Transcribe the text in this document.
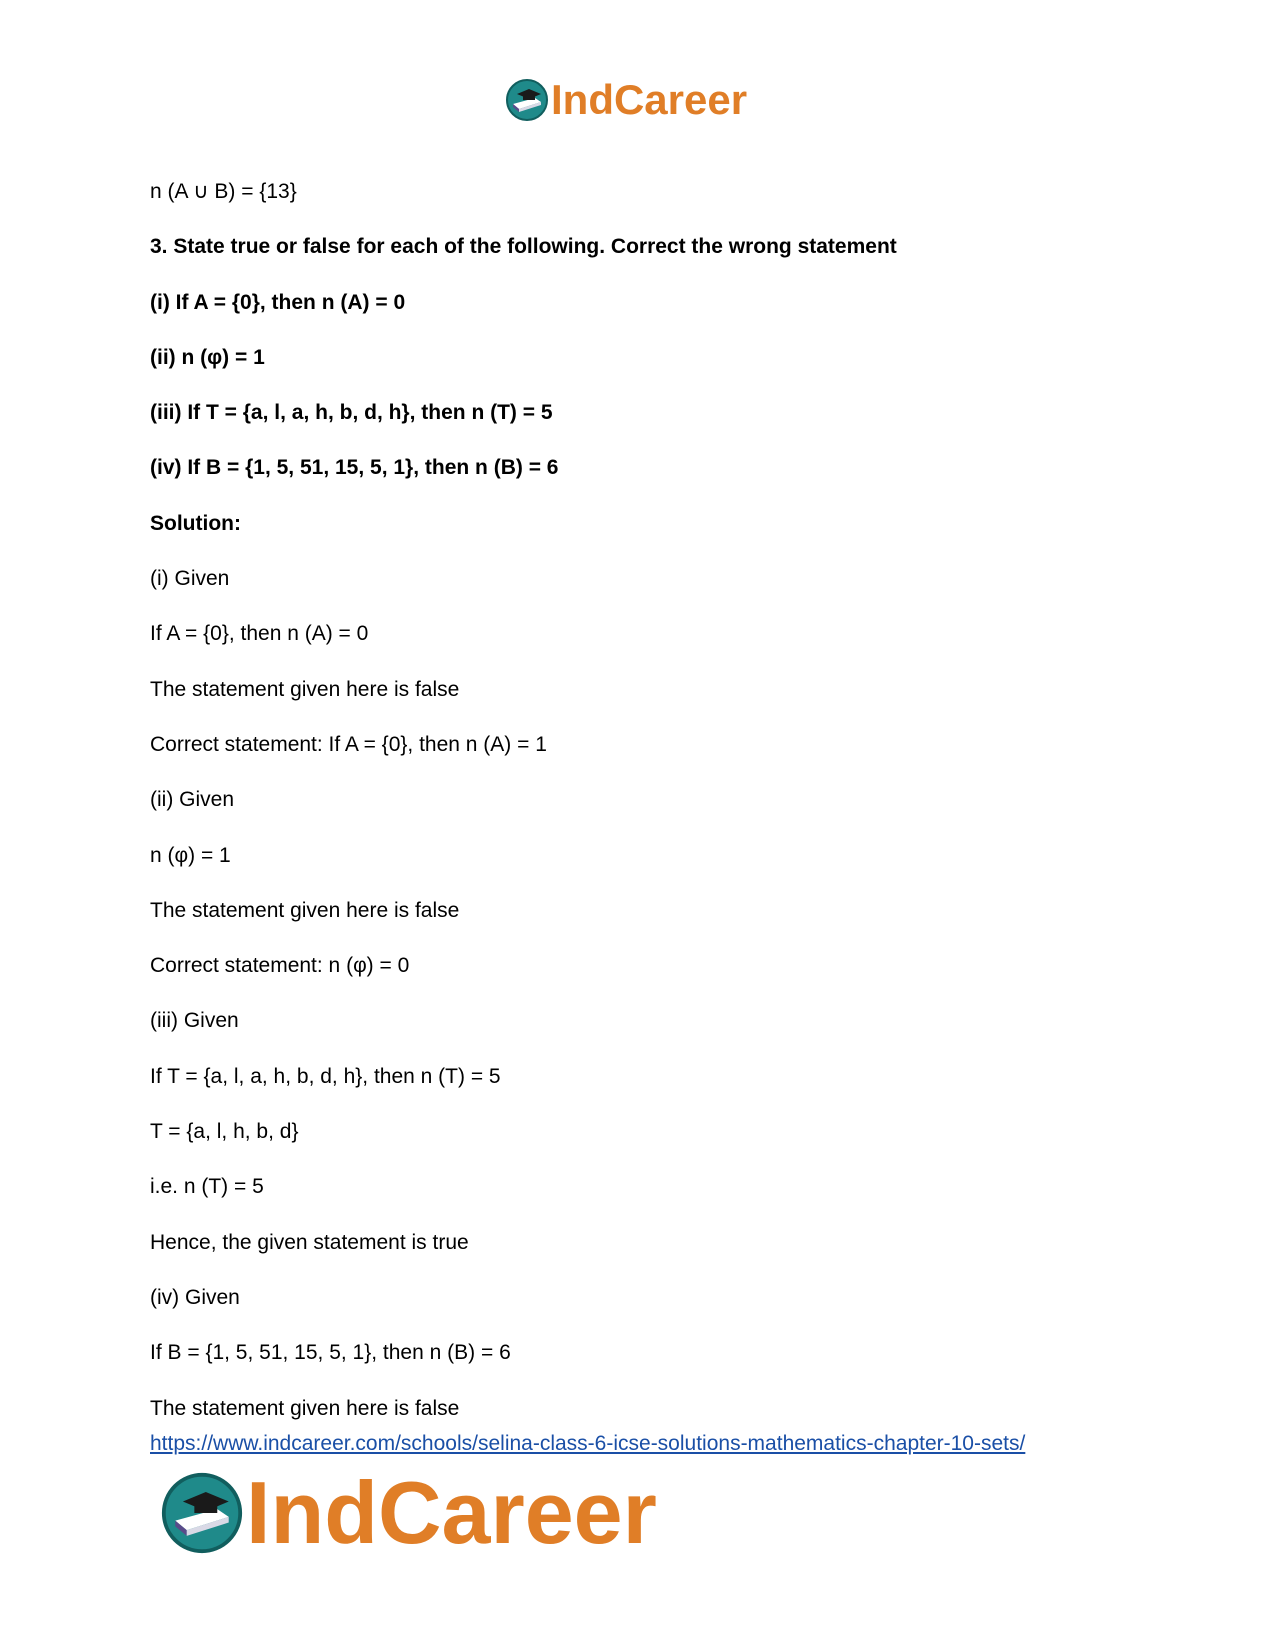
IndCareer
n (A ∪ B) = {13}
3. State true or false for each of the following. Correct the wrong statement
(i) If A = {0}, then n (A) = 0
(ii) n (φ) = 1
(iii) If T = {a, l, a, h, b, d, h}, then n (T) = 5
(iv) If B = {1, 5, 51, 15, 5, 1}, then n (B) = 6
Solution:
(i) Given
If A = {0}, then n (A) = 0
The statement given here is false
Correct statement: If A = {0}, then n (A) = 1
(ii) Given
n (φ) = 1
The statement given here is false
Correct statement: n (φ) = 0
(iii) Given
If T = {a, l, a, h, b, d, h}, then n (T) = 5
T = {a, l, h, b, d}
i.e. n (T) = 5
Hence, the given statement is true
(iv) Given
If B = {1, 5, 51, 15, 5, 1}, then n (B) = 6
The statement given here is false
https://www.indcareer.com/schools/selina-class-6-icse-solutions-mathematics-chapter-10-sets/
IndCareer
